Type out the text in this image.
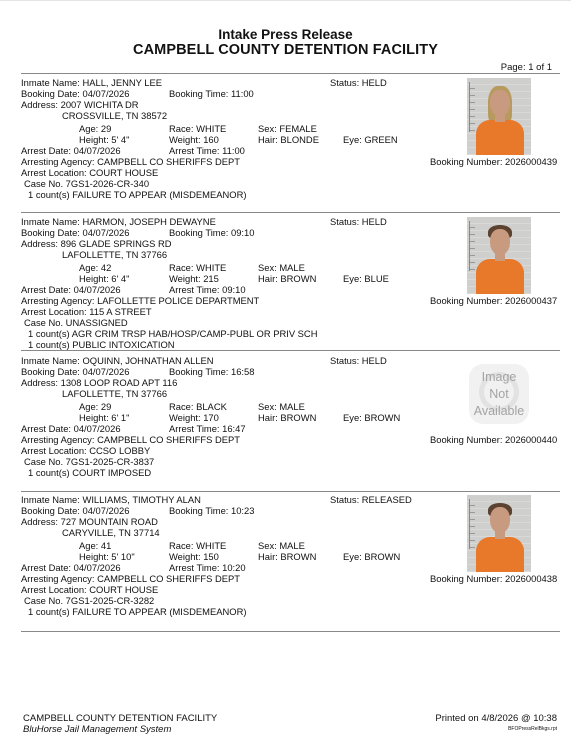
Intake Press Release
CAMPBELL COUNTY DETENTION FACILITY
Page: 1 of 1
Inmate Name: HALL, JENNY LEE	Status: HELD
Booking Date: 04/07/2026	Booking Time: 11:00
Address: 2007 WICHITA DR
CROSSVILLE, TN 38572
Age: 29	Race: WHITE	Sex: FEMALE
Height: 5' 4"	Weight: 160	Hair: BLONDE	Eye: GREEN
Arrest Date: 04/07/2026	Arrest Time: 11:00
Arresting Agency: CAMPBELL CO SHERIFFS DEPT
Arrest Location: COURT HOUSE
Case No. 7GS1-2026-CR-340
1 count(s) FAILURE TO APPEAR (MISDEMEANOR)
Booking Number: 2026000439
Inmate Name: HARMON, JOSEPH DEWAYNE	Status: HELD
Booking Date: 04/07/2026	Booking Time: 09:10
Address: 896 GLADE SPRINGS RD
LAFOLLETTE, TN 37766
Age: 42	Race: WHITE	Sex: MALE
Height: 6' 4"	Weight: 215	Hair: BROWN	Eye: BLUE
Arrest Date: 04/07/2026	Arrest Time: 09:10
Arresting Agency: LAFOLLETTE POLICE DEPARTMENT
Arrest Location: 115 A STREET
Case No. UNASSIGNED
1 count(s) AGR CRIM TRSP HAB/HOSP/CAMP-PUBL OR PRIV SCH
1 count(s) PUBLIC INTOXICATION
Booking Number: 2026000437
Inmate Name: OQUINN, JOHNATHAN ALLEN	Status: HELD
Booking Date: 04/07/2026	Booking Time: 16:58
Address: 1308 LOOP ROAD APT 116
LAFOLLETTE, TN 37766
Age: 29	Race: BLACK	Sex: MALE
Height: 6' 1"	Weight: 170	Hair: BROWN	Eye: BROWN
Arrest Date: 04/07/2026	Arrest Time: 16:47
Arresting Agency: CAMPBELL CO SHERIFFS DEPT
Arrest Location: CCSO LOBBY
Case No. 7GS1-2025-CR-3837
1 count(s) COURT IMPOSED
Booking Number: 2026000440
Image
Not
Available
Inmate Name: WILLIAMS, TIMOTHY ALAN	Status: RELEASED
Booking Date: 04/07/2026	Booking Time: 10:23
Address: 727 MOUNTAIN ROAD
CARYVILLE, TN 37714
Age: 41	Race: WHITE	Sex: MALE
Height: 5' 10"	Weight: 150	Hair: BROWN	Eye: BROWN
Arrest Date: 04/07/2026	Arrest Time: 10:20
Arresting Agency: CAMPBELL CO SHERIFFS DEPT
Arrest Location: COURT HOUSE
Case No. 7GS1-2025-CR-3282
1 count(s) FAILURE TO APPEAR (MISDEMEANOR)
Booking Number: 2026000438
CAMPBELL COUNTY DETENTION FACILITY
BluHorse Jail Management System
Printed on 4/8/2026 @ 10:38
BFOPressRelBkgs.rpt
